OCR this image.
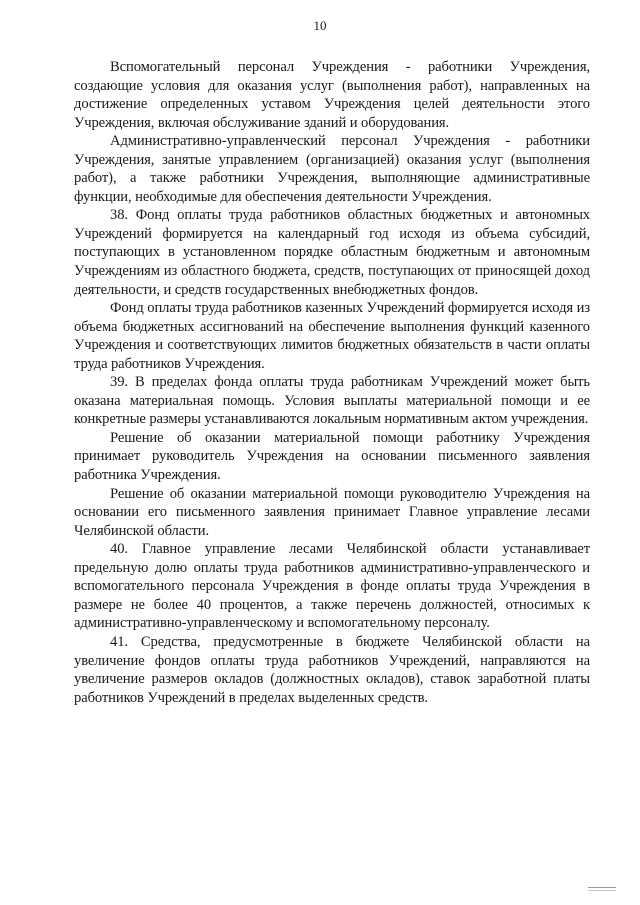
10

Вспомогательный персонал Учреждения - работники Учреждения, создающие условия для оказания услуг (выполнения работ), направленных на достижение определенных уставом Учреждения целей деятельности этого Учреждения, включая обслуживание зданий и оборудования.

Административно-управленческий персонал Учреждения - работники Учреждения, занятые управлением (организацией) оказания услуг (выполнения работ), а также работники Учреждения, выполняющие административные функции, необходимые для обеспечения деятельности Учреждения.

38. Фонд оплаты труда работников областных бюджетных и автономных Учреждений формируется на календарный год исходя из объема субсидий, поступающих в установленном порядке областным бюджетным и автономным Учреждениям из областного бюджета, средств, поступающих от приносящей доход деятельности, и средств государственных внебюджетных фондов.

Фонд оплаты труда работников казенных Учреждений формируется исходя из объема бюджетных ассигнований на обеспечение выполнения функций казенного Учреждения и соответствующих лимитов бюджетных обязательств в части оплаты труда работников Учреждения.

39. В пределах фонда оплаты труда работникам Учреждений может быть оказана материальная помощь. Условия выплаты материальной помощи и ее конкретные размеры устанавливаются локальным нормативным актом учреждения.

Решение об оказании материальной помощи работнику Учреждения принимает руководитель Учреждения на основании письменного заявления работника Учреждения.

Решение об оказании материальной помощи руководителю Учреждения на основании его письменного заявления принимает Главное управление лесами Челябинской области.

40. Главное управление лесами Челябинской области устанавливает предельную долю оплаты труда работников административно-управленческого и вспомогательного персонала Учреждения в фонде оплаты труда Учреждения в размере не более 40 процентов, а также перечень должностей, относимых к административно-управленческому и вспомогательному персоналу.

41. Средства, предусмотренные в бюджете Челябинской области на увеличение фондов оплаты труда работников Учреждений, направляются на увеличение размеров окладов (должностных окладов), ставок заработной платы работников Учреждений в пределах выделенных средств.
